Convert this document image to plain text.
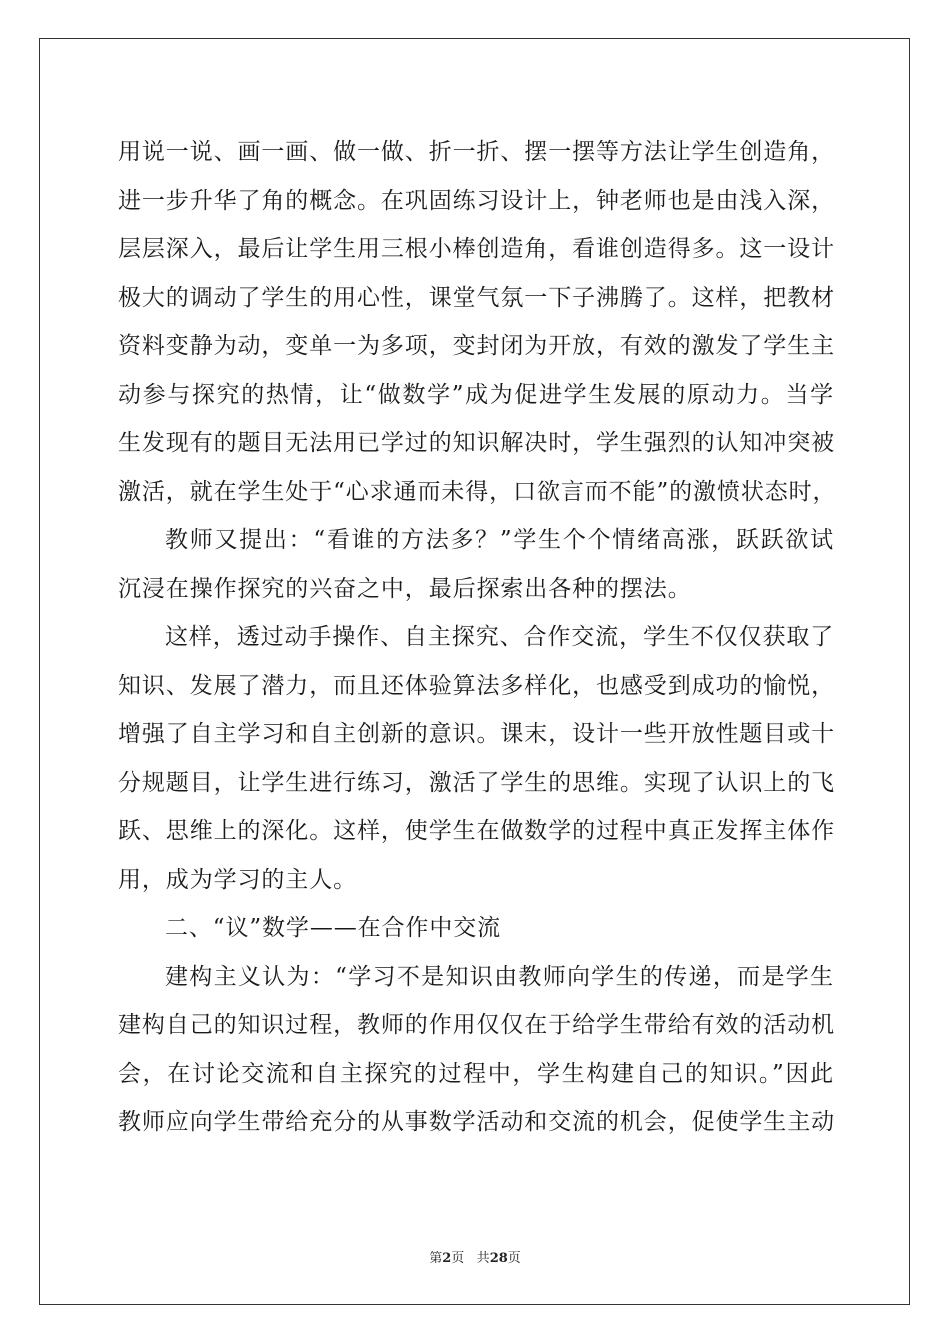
用说一说、画一画、做一做、折一折、摆一摆等方法让学生创造角，
进一步升华了角的概念。在巩固练习设计上，钟老师也是由浅入深，
层层深入，最后让学生用三根小棒创造角，看谁创造得多。这一设计
极大的调动了学生的用心性，课堂气氛一下子沸腾了。这样，把教材
资料变静为动，变单一为多项，变封闭为开放，有效的激发了学生主
动参与探究的热情，让“做数学”成为促进学生发展的原动力。当学
生发现有的题目无法用已学过的知识解决时，学生强烈的认知冲突被
激活，就在学生处于“心求通而未得，口欲言而不能”的激愤状态时，
教师又提出：“看谁的方法多？”学生个个情绪高涨，跃跃欲试
沉浸在操作探究的兴奋之中，最后探索出各种的摆法。
这样，透过动手操作、自主探究、合作交流，学生不仅仅获取了
知识、发展了潜力，而且还体验算法多样化，也感受到成功的愉悦，
增强了自主学习和自主创新的意识。课末，设计一些开放性题目或十
分规题目，让学生进行练习，激活了学生的思维。实现了认识上的飞
跃、思维上的深化。这样，使学生在做数学的过程中真正发挥主体作
用，成为学习的主人。
二、“议”数学——在合作中交流
建构主义认为：“学习不是知识由教师向学生的传递，而是学生
建构自己的知识过程，教师的作用仅仅在于给学生带给有效的活动机
会，在讨论交流和自主探究的过程中，学生构建自己的知识。”因此
教师应向学生带给充分的从事数学活动和交流的机会，促使学生主动
第2页 共28页
